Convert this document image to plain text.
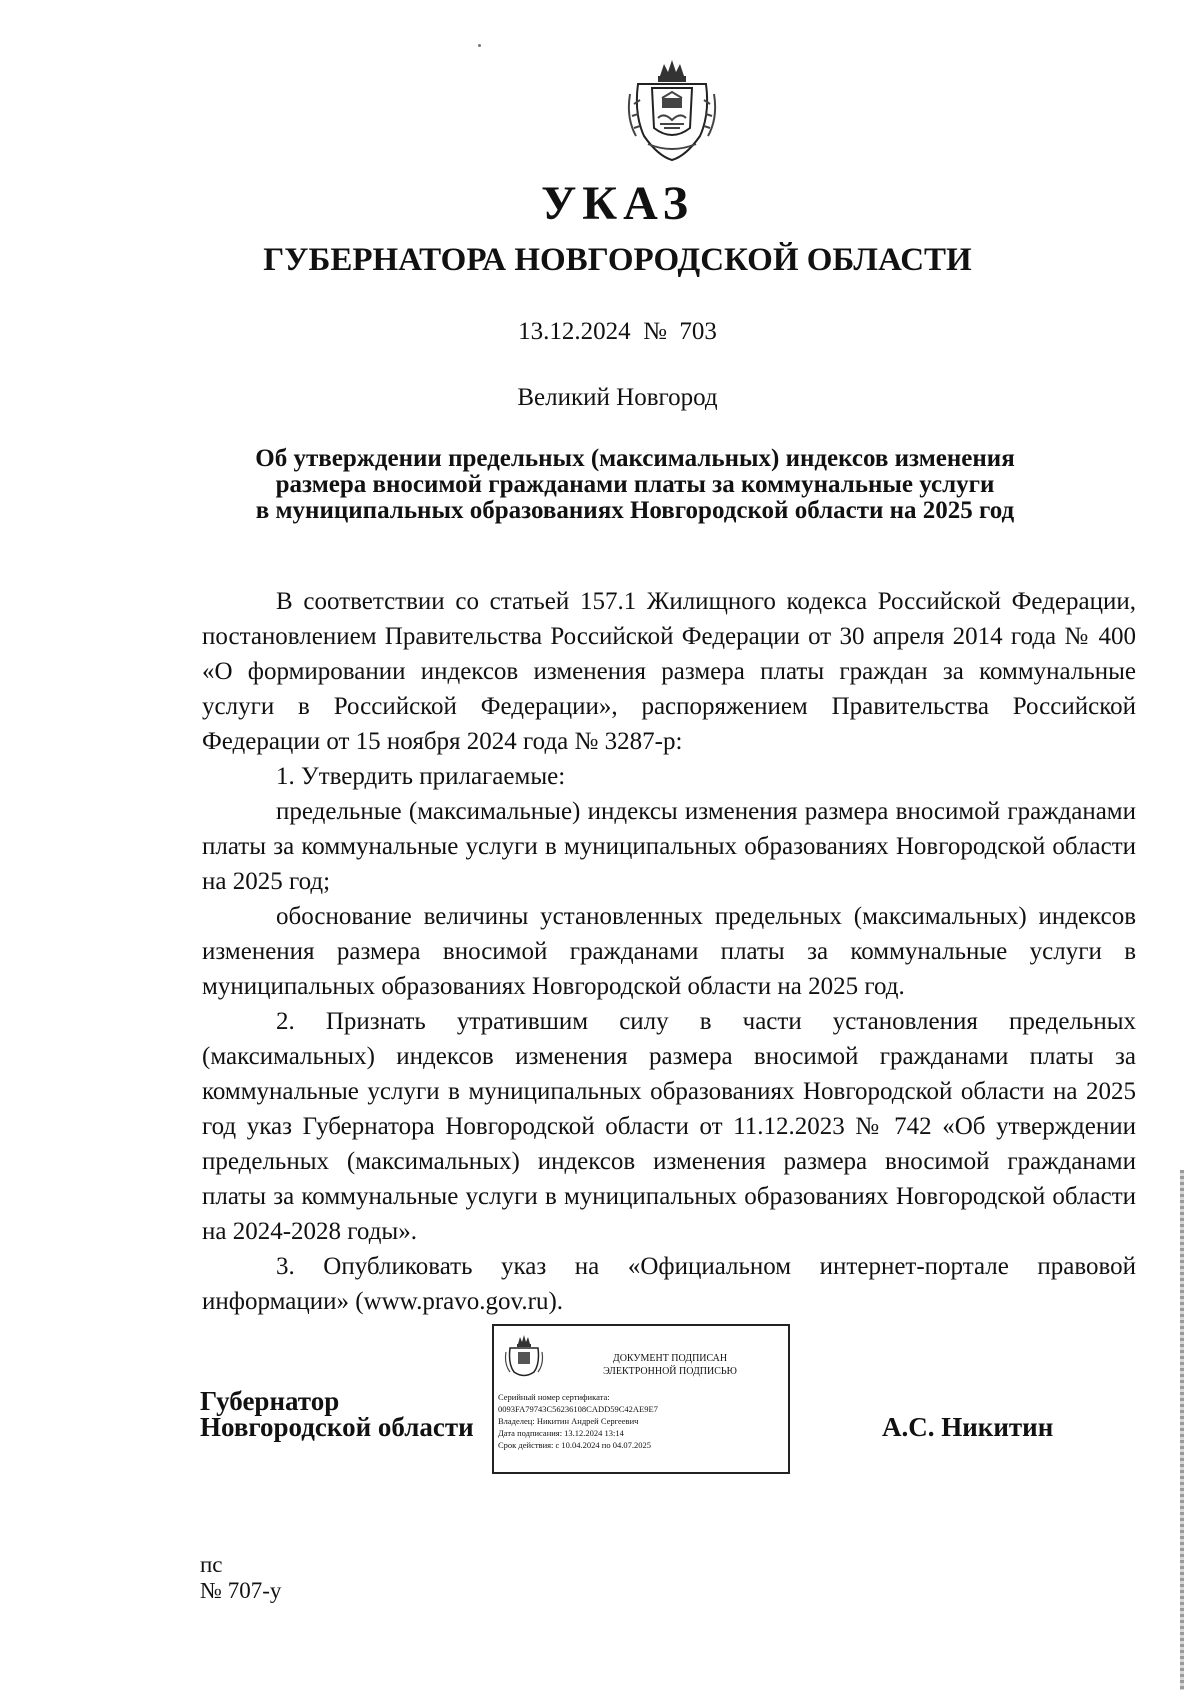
УКАЗ
ГУБЕРНАТОРА НОВГОРОДСКОЙ ОБЛАСТИ
13.12.2024  №  703
Великий Новгород
Об утверждении предельных (максимальных) индексов изменения
размера вносимой гражданами платы за коммунальные услуги
в муниципальных образованиях Новгородской области на 2025 год

В соответствии со статьей 157.1 Жилищного кодекса Российской Федерации, постановлением Правительства Российской Федерации от 30 апреля 2014 года № 400 «О формировании индексов изменения размера платы граждан за коммунальные услуги в Российской Федерации», распоряжением Правительства Российской Федерации от 15 ноября 2024 года № 3287-р:

1. Утвердить прилагаемые:

предельные (максимальные) индексы изменения размера вносимой гражданами платы за коммунальные услуги в муниципальных образованиях Новгородской области на 2025 год;

обоснование величины установленных предельных (максимальных) индексов изменения размера вносимой гражданами платы за коммунальные услуги в муниципальных образованиях Новгородской области на 2025 год.

2. Признать утратившим силу в части установления предельных (максимальных) индексов изменения размера вносимой гражданами платы за коммунальные услуги в муниципальных образованиях Новгородской области на 2025 год указ Губернатора Новгородской области от 11.12.2023 № 742 «Об утверждении предельных (максимальных) индексов изменения размера вносимой гражданами платы за коммунальные услуги в муниципальных образованиях Новгородской области на 2024-2028 годы».

3. Опубликовать указ на «Официальном интернет-портале правовой информации» (www.pravo.gov.ru).

Губернатор
Новгородской области
ДОКУМЕНТ ПОДПИСАН
ЭЛЕКТРОННОЙ ПОДПИСЬЮ
Серийный номер сертификата:
0093FA79743C56236108CADD59C42AE9E7
Владелец: Никитин Андрей Сергеевич
Дата подписания: 13.12.2024 13:14
Срок действия: с 10.04.2024 по 04.07.2025
А.С. Никитин
пс
№ 707-у
